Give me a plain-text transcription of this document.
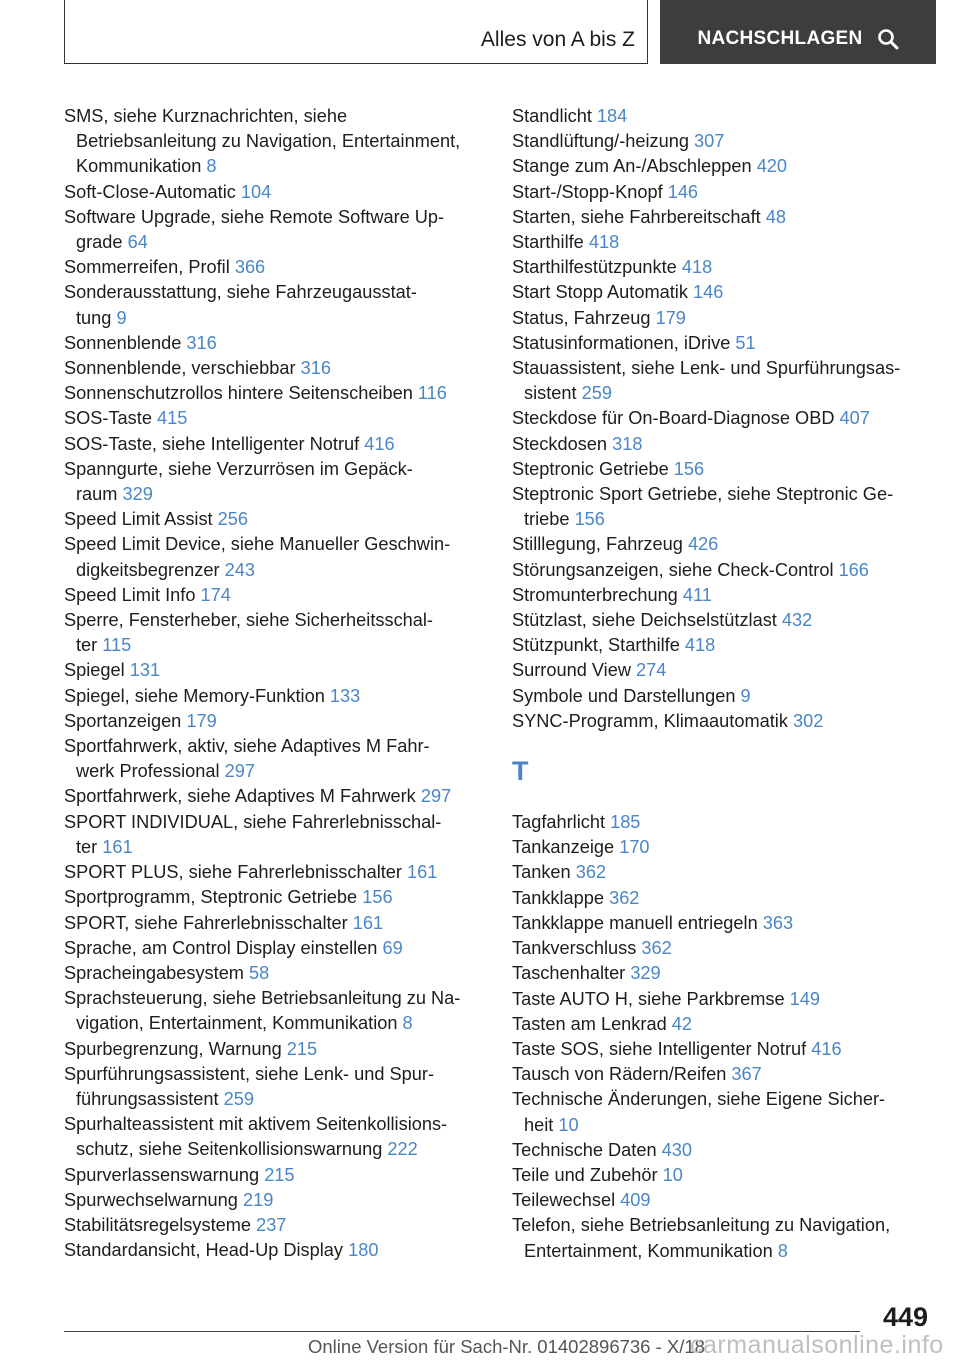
Alles von A bis Z	NACHSCHLAGEN
SMS, siehe Kurznachrichten, siehe
Betriebsanleitung zu Navigation, Entertainment,
Kommunikation 8
Soft-Close-Automatic 104
Software Upgrade, siehe Remote Software Up-
grade 64
Sommerreifen, Profil 366
Sonderausstattung, siehe Fahrzeugausstat-
tung 9
Sonnenblende 316
Sonnenblende, verschiebbar 316
Sonnenschutzrollos hintere Seitenscheiben 116
SOS-Taste 415
SOS-Taste, siehe Intelligenter Notruf 416
Spanngurte, siehe Verzurrösen im Gepäck-
raum 329
Speed Limit Assist 256
Speed Limit Device, siehe Manueller Geschwin-
digkeitsbegrenzer 243
Speed Limit Info 174
Sperre, Fensterheber, siehe Sicherheitsschal-
ter 115
Spiegel 131
Spiegel, siehe Memory-Funktion 133
Sportanzeigen 179
Sportfahrwerk, aktiv, siehe Adaptives M Fahr-
werk Professional 297
Sportfahrwerk, siehe Adaptives M Fahrwerk 297
SPORT INDIVIDUAL, siehe Fahrerlebnisschal-
ter 161
SPORT PLUS, siehe Fahrerlebnisschalter 161
Sportprogramm, Steptronic Getriebe 156
SPORT, siehe Fahrerlebnisschalter 161
Sprache, am Control Display einstellen 69
Spracheingabesystem 58
Sprachsteuerung, siehe Betriebsanleitung zu Na-
vigation, Entertainment, Kommunikation 8
Spurbegrenzung, Warnung 215
Spurführungsassistent, siehe Lenk- und Spur-
führungsassistent 259
Spurhalteassistent mit aktivem Seitenkollisions-
schutz, siehe Seitenkollisionswarnung 222
Spurverlassenswarnung 215
Spurwechselwarnung 219
Stabilitätsregelsysteme 237
Standardansicht, Head-Up Display 180
Standlicht 184
Standlüftung/-heizung 307
Stange zum An-/Abschleppen 420
Start-/Stopp-Knopf 146
Starten, siehe Fahrbereitschaft 48
Starthilfe 418
Starthilfestützpunkte 418
Start Stopp Automatik 146
Status, Fahrzeug 179
Statusinformationen, iDrive 51
Stauassistent, siehe Lenk- und Spurführungsas-
sistent 259
Steckdose für On-Board-Diagnose OBD 407
Steckdosen 318
Steptronic Getriebe 156
Steptronic Sport Getriebe, siehe Steptronic Ge-
triebe 156
Stilllegung, Fahrzeug 426
Störungsanzeigen, siehe Check-Control 166
Stromunterbrechung 411
Stützlast, siehe Deichselstützlast 432
Stützpunkt, Starthilfe 418
Surround View 274
Symbole und Darstellungen 9
SYNC-Programm, Klimaautomatik 302
T
Tagfahrlicht 185
Tankanzeige 170
Tanken 362
Tankklappe 362
Tankklappe manuell entriegeln 363
Tankverschluss 362
Taschenhalter 329
Taste AUTO H, siehe Parkbremse 149
Tasten am Lenkrad 42
Taste SOS, siehe Intelligenter Notruf 416
Tausch von Rädern/Reifen 367
Technische Änderungen, siehe Eigene Sicher-
heit 10
Technische Daten 430
Teile und Zubehör 10
Teilewechsel 409
Telefon, siehe Betriebsanleitung zu Navigation,
Entertainment, Kommunikation 8
449
Online Version für Sach-Nr. 01402896736 - X/18
carmanualsonline.info
